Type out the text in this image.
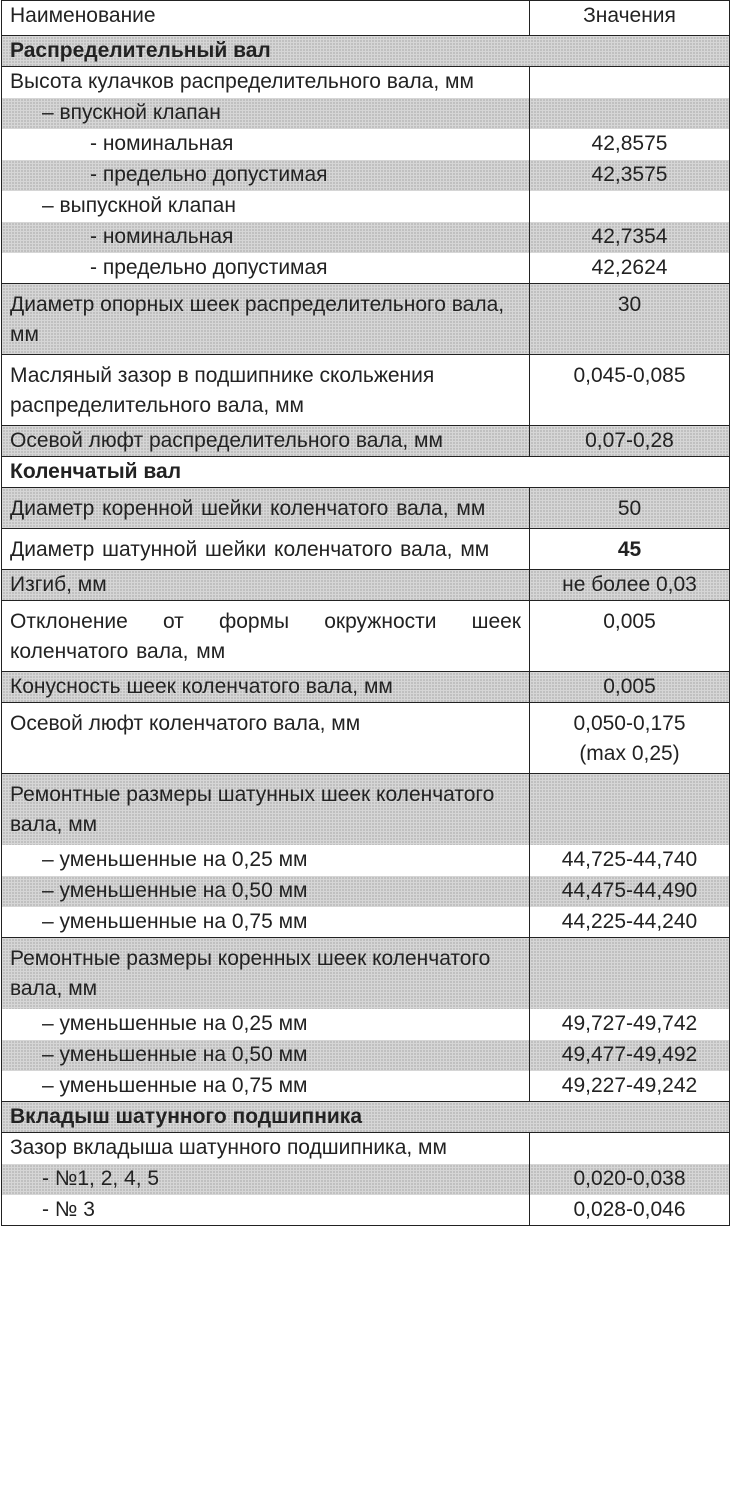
Наименование	Значения
Распределительный вал	
Высота кулачков распределительного вала, мм	
– впускной клапан	
- номинальная	42,8575
- предельно допустимая	42,3575
– выпускной клапан	
- номинальная	42,7354
- предельно допустимая	42,2624
Диаметр опорных шеек распределительного вала, мм	30
Масляный зазор в подшипнике скольжения распределительного вала, мм	0,045-0,085
Осевой люфт распределительного вала, мм	0,07-0,28
Коленчатый вал	
Диаметр коренной шейки коленчатого вала, мм	50
Диаметр шатунной шейки коленчатого вала, мм	45
Изгиб, мм	не более 0,03
Отклонение от формы окружности шеек коленчатого вала, мм	0,005
Конусность шеек коленчатого вала, мм	0,005
Осевой люфт коленчатого вала, мм	0,050-0,175
(max 0,25)
Ремонтные размеры шатунных шеек коленчатого вала, мм	
– уменьшенные на 0,25 мм	44,725-44,740
– уменьшенные на 0,50 мм	44,475-44,490
– уменьшенные на 0,75 мм	44,225-44,240
Ремонтные размеры коренных шеек коленчатого вала, мм	
– уменьшенные на 0,25 мм	49,727-49,742
– уменьшенные на 0,50 мм	49,477-49,492
– уменьшенные на 0,75 мм	49,227-49,242
Вкладыш шатунного подшипника	
Зазор вкладыша шатунного подшипника, мм	
- №1, 2, 4, 5	0,020-0,038
- № 3	0,028-0,046
